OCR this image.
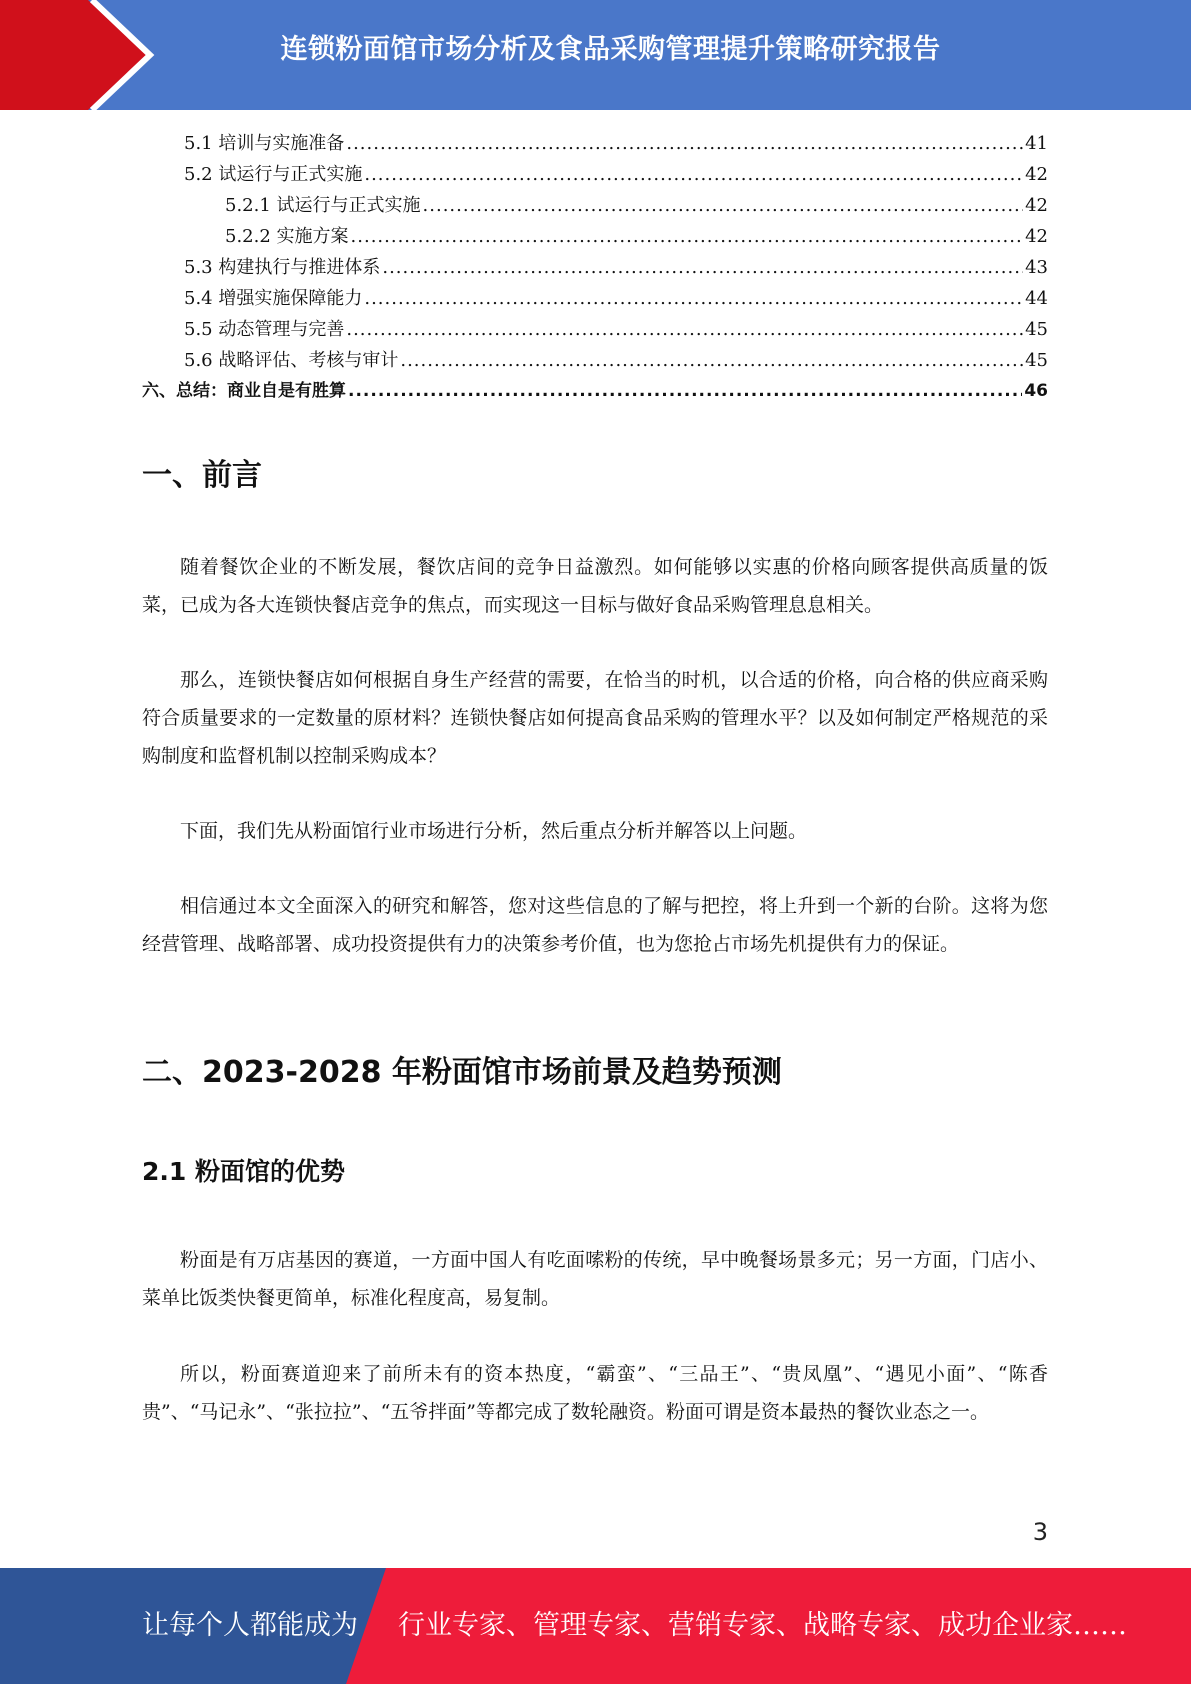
连锁粉面馆市场分析及食品采购管理提升策略研究报告
5.1 培训与实施准备 .....	41
5.2 试运行与正式实施 .....	42
5.2.1 试运行与正式实施 .....	42
5.2.2 实施方案 .....	42
5.3 构建执行与推进体系 .....	43
5.4 增强实施保障能力 .....	44
5.5 动态管理与完善 .....	45
5.6 战略评估、考核与审计 .....	45
六、总结：商业自是有胜算 .....	46
一、前言

随着餐饮企业的不断发展，餐饮店间的竞争日益激烈。如何能够以实惠的价格向顾客提供高质量的饭菜，已成为各大连锁快餐店竞争的焦点，而实现这一目标与做好食品采购管理息息相关。

那么，连锁快餐店如何根据自身生产经营的需要，在恰当的时机，以合适的价格，向合格的供应商采购符合质量要求的一定数量的原材料？连锁快餐店如何提高食品采购的管理水平？以及如何制定严格规范的采购制度和监督机制以控制采购成本？

下面，我们先从粉面馆行业市场进行分析，然后重点分析并解答以上问题。

相信通过本文全面深入的研究和解答，您对这些信息的了解与把控，将上升到一个新的台阶。这将为您经营管理、战略部署、成功投资提供有力的决策参考价值，也为您抢占市场先机提供有力的保证。

二、2023-2028 年粉面馆市场前景及趋势预测
2.1 粉面馆的优势

粉面是有万店基因的赛道，一方面中国人有吃面嗦粉的传统，早中晚餐场景多元；另一方面，门店小、菜单比饭类快餐更简单，标准化程度高，易复制。

所以，粉面赛道迎来了前所未有的资本热度，“霸蛮”、“三品王”、“贵凤凰”、“遇见小面”、“陈香贵”、“马记永”、“张拉拉”、“五爷拌面”等都完成了数轮融资。粉面可谓是资本最热的餐饮业态之一。

3
让每个人都能成为 行业专家、管理专家、营销专家、战略专家、成功企业家……
